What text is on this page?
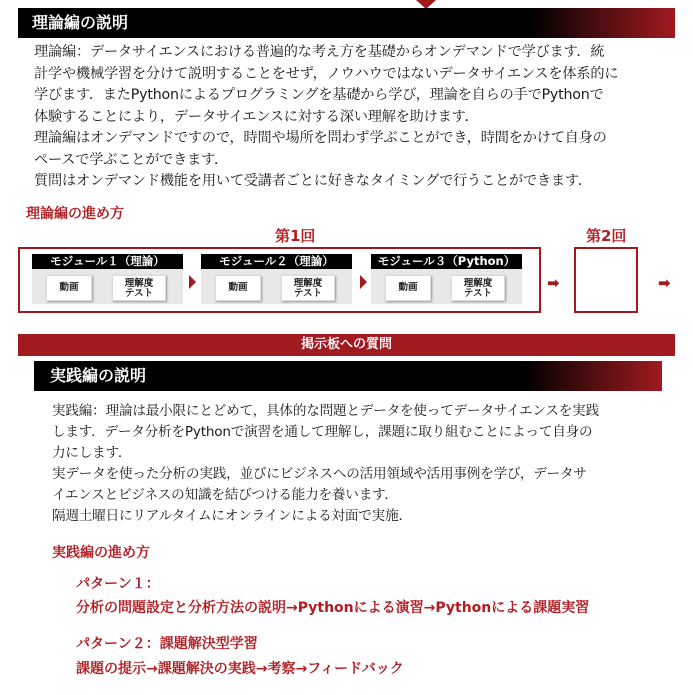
理論編の説明
理論編：データサイエンスにおける普遍的な考え方を基礎からオンデマンドで学びます．統
計学や機械学習を分けて説明することをせず，ノウハウではないデータサイエンスを体系的に
学びます．またPythonによるプログラミングを基礎から学び，理論を自らの手でPythonで
体験することにより，データサイエンスに対する深い理解を助けます．
理論編はオンデマンドですので，時間や場所を問わず学ぶことができ，時間をかけて自身の
ペースで学ぶことができます．
質問はオンデマンド機能を用いて受講者ごとに好きなタイミングで行うことができます．
理論編の進め方
第1回	第2回
モジュール１（理論）
動画	理解度
テスト
モジュール２（理論）
動画	理解度
テスト
モジュール３（Python）
動画	理解度
テスト
➡	➡
掲示板への質問
実践編の説明
実践編：理論は最小限にとどめて，具体的な問題とデータを使ってデータサイエンスを実践
します．データ分析をPythonで演習を通して理解し，課題に取り組むことによって自身の
力にします．
実データを使った分析の実践，並びにビジネスへの活用領域や活用事例を学び，データサ
イエンスとビジネスの知識を結びつける能力を養います．
隔週土曜日にリアルタイムにオンラインによる対面で実施．
実践編の進め方
パターン１：
分析の問題設定と分析方法の説明→Pythonによる演習→Pythonによる課題実習
パターン２：課題解決型学習
課題の提示→課題解決の実践→考察→フィードバック
